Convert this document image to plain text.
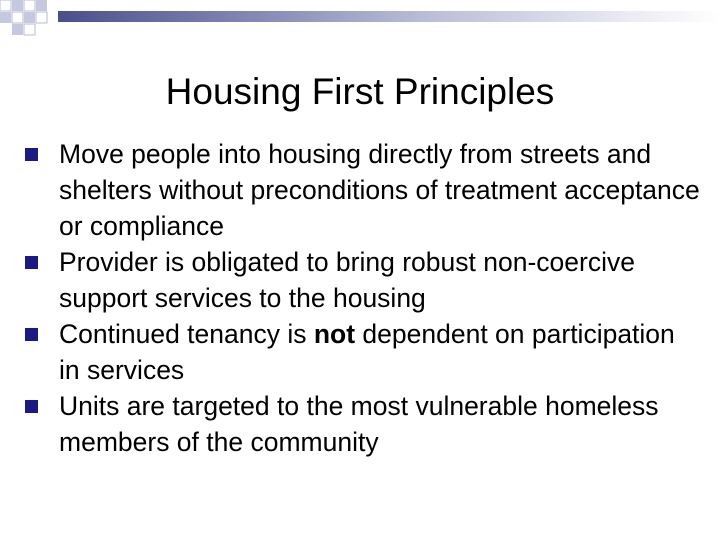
Housing First Principles
Move people into housing directly from streets and shelters without preconditions of treatment acceptance or compliance
Provider is obligated to bring robust non-coercive support services to the housing
Continued tenancy is not dependent on participation in services
Units are targeted to the most vulnerable homeless members of the community
